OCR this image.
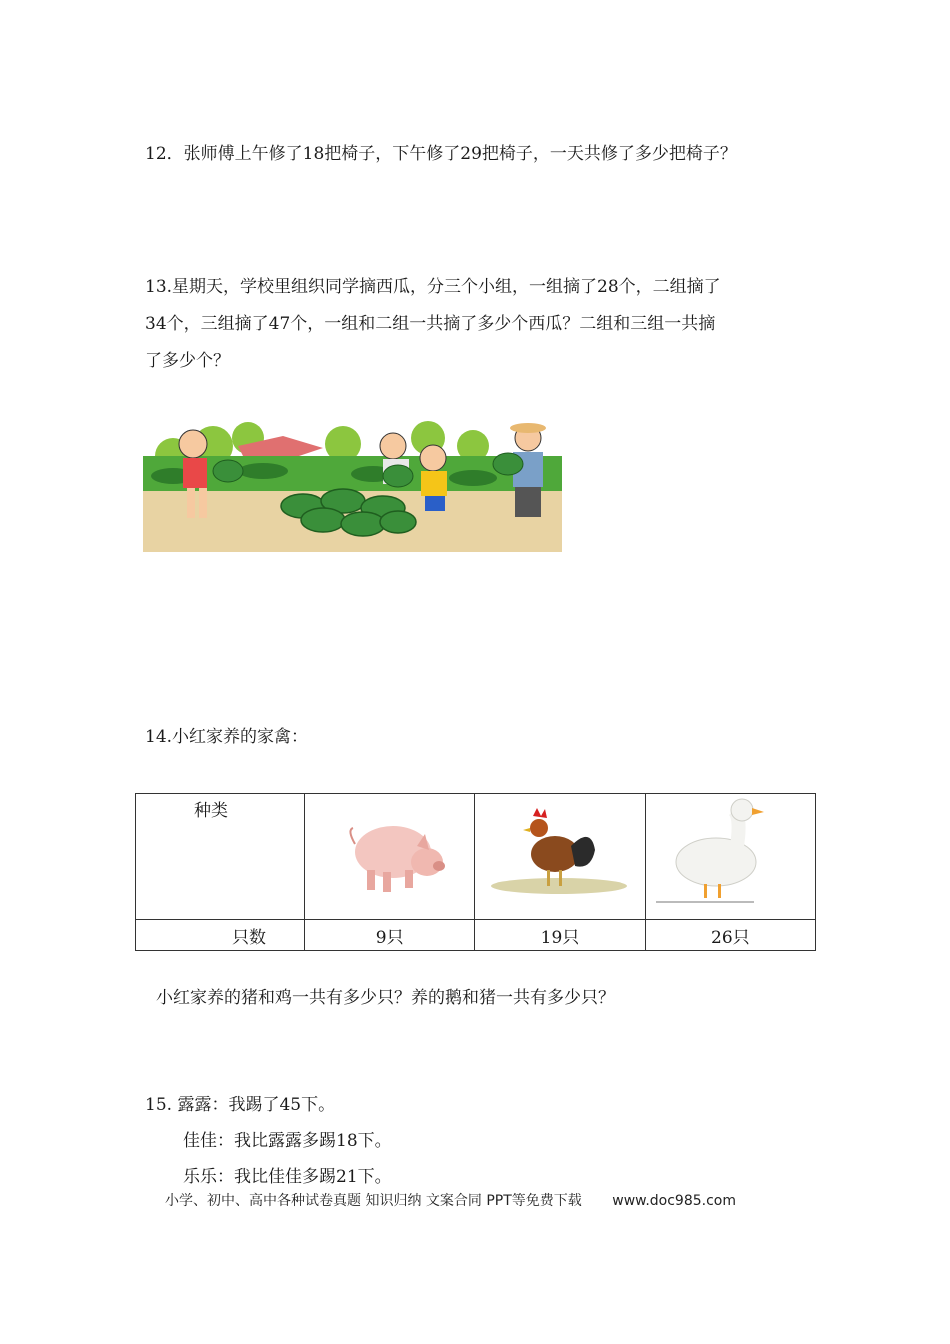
12．张师傅上午修了18把椅子，下午修了29把椅子，一天共修了多少把椅子？
13.星期天，学校里组织同学摘西瓜，分三个小组，一组摘了28个，二组摘了
34个，三组摘了47个，一组和二组一共摘了多少个西瓜？二组和三组一共摘
了多少个？
14.小红家养的家禽：
种类

只数	9只	19只	26只
小红家养的猪和鸡一共有多少只？养的鹅和猪一共有多少只？
15. 露露：我踢了45下。
佳佳：我比露露多踢18下。
乐乐：我比佳佳多踢21下。
小学、初中、高中各种试卷真题 知识归纳 文案合同 PPT等免费下载 www.doc985.com
